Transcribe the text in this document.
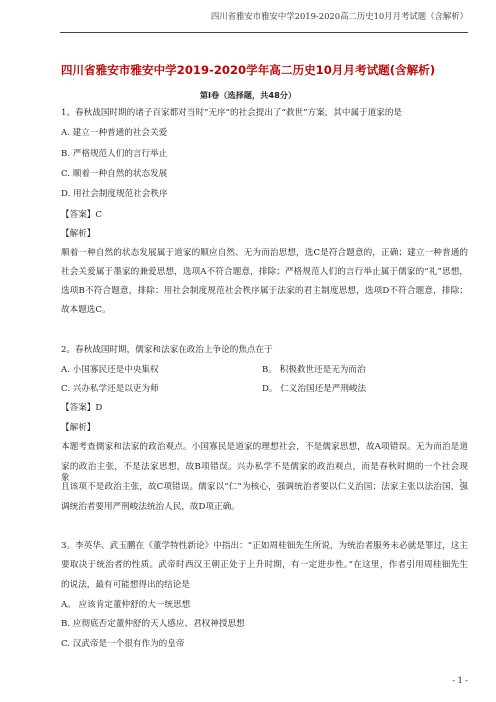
四川省雅安市雅安中学2019-2020高二历史10月月考试题（含解析）
四川省雅安市雅安中学2019-2020学年高二历史10月月考试题(含解析)
第Ⅰ卷（选择题，共48分）
1。春秋战国时期的诸子百家都对当时“无序”的社会提出了“救世”方案，其中属于道家的是
A. 建立一种普通的社会关爱
B. 严格规范人们的言行举止
C. 顺着一种自然的状态发展
D. 用社会制度规范社会秩序
【答案】C
【解析】
顺着一种自然的状态发展属于道家的顺应自然、无为而治思想，选C是符合题意的，正确；建立一种普通的
社会关爱属于墨家的兼爱思想，选项A不符合题意，排除；严格规范人们的言行举止属于儒家的“礼”思想，
选项B不符合题意，排除；用社会制度规范社会秩序属于法家的君主制度思想，选项D不符合题意，排除；
故本题选C。
2。春秋战国时期，儒家和法家在政治上争论的焦点在于
A. 小国寡民还是中央集权	B。 积极救世还是无为而治
C. 兴办私学还是以吏为师	D。 仁义治国还是严刑峻法
【答案】D
【解析】
本题考查儒家和法家的政治观点。小国寡民是道家的理想社会，不是儒家思想，故A项错误。无为而治是道
家的政治主张，不是法家思想，故B项错误。兴办私学不是儒家的政治观点，而是春秋时期的一个社会现象，
且该项不是政治主张，故C项错误。儒家以“仁”为核心，强调统治者要以仁义治国；法家主张以法治国，强
调统治者要用严刑峻法统治人民，故D项正确。
3。李英华、武玉鹏在《董学特性新论》中指出：“正如周桂钿先生所说，为统治者服务未必就是罪过，这主
要取决于统治者的性质。武帝时西汉王朝正处于上升时期，有一定进步性。”在这里，作者引用周桂钿先生
的说法，最有可能想得出的结论是
A。 应该肯定董仲舒的大一统思想
B. 应彻底否定董仲舒的天人感应、君权神授思想
C. 汉武帝是一个很有作为的皇帝
- 1 -
